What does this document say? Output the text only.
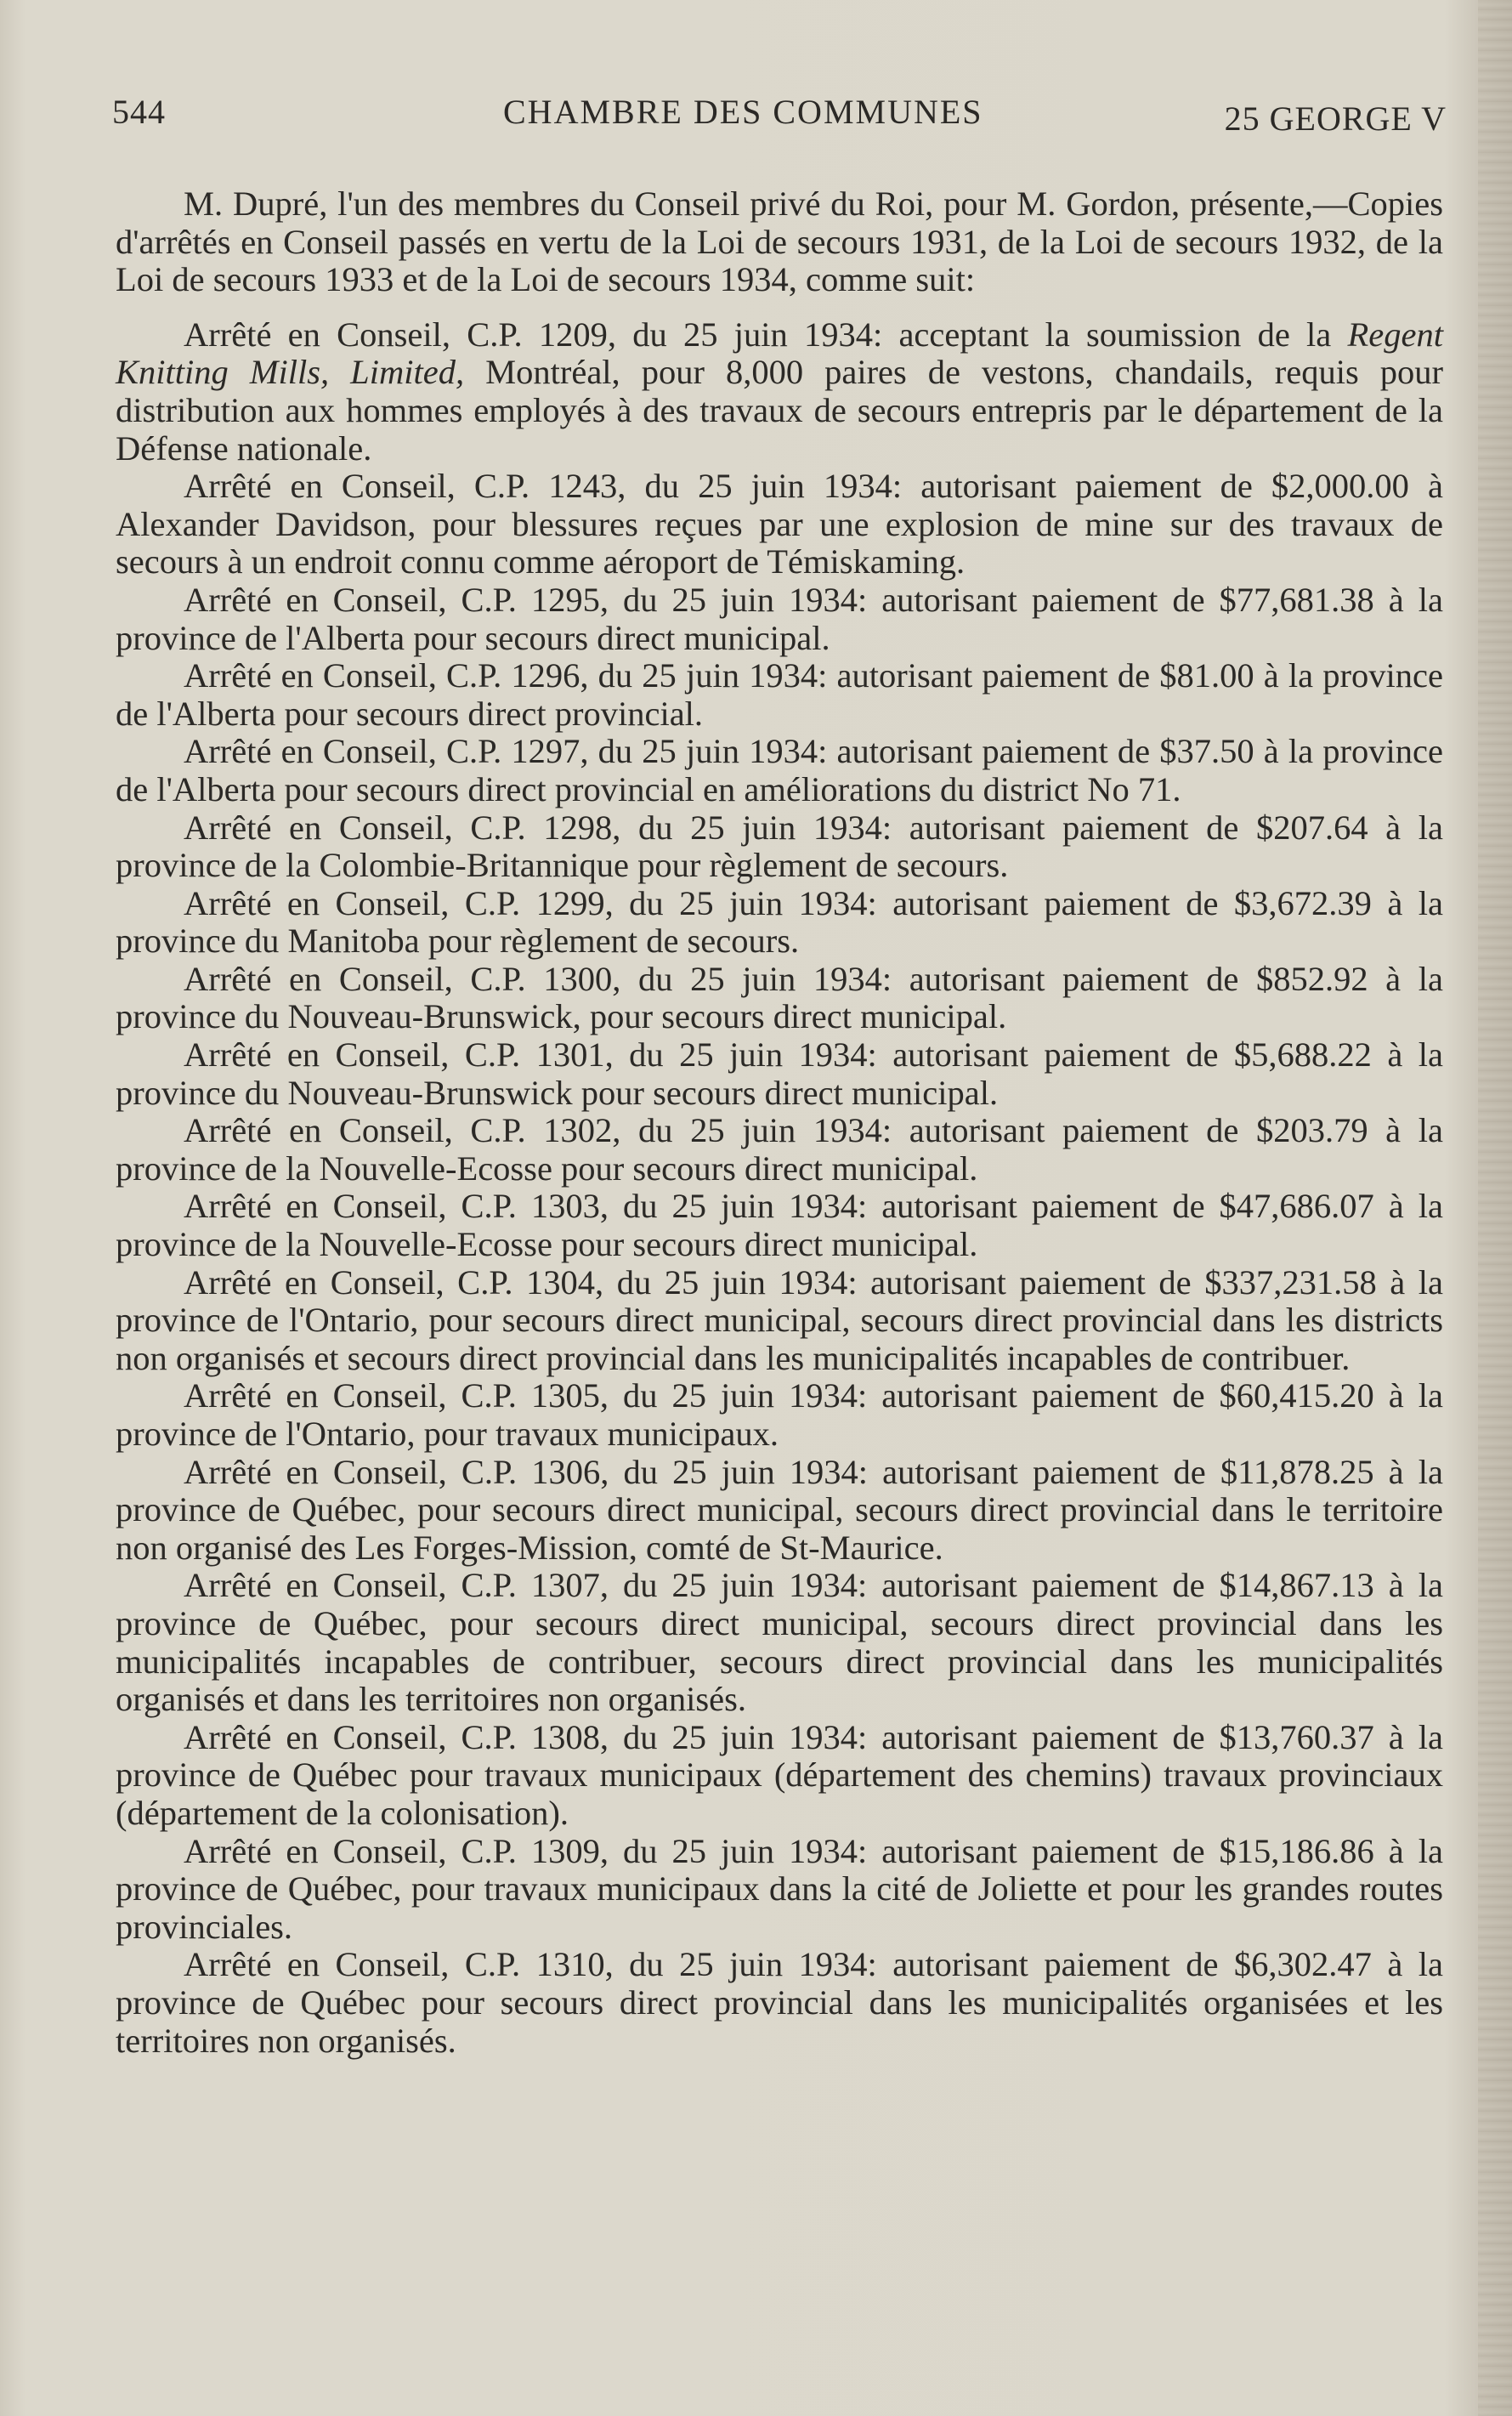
544	CHAMBRE DES COMMUNES	25 GEORGE V

M. Dupré, l'un des membres du Conseil privé du Roi, pour M. Gordon, présente,—Copies d'arrêtés en Conseil passés en vertu de la Loi de secours 1931, de la Loi de secours 1932, de la Loi de secours 1933 et de la Loi de secours 1934, comme suit:

Arrêté en Conseil, C.P. 1209, du 25 juin 1934: acceptant la soumission de la Regent Knitting Mills, Limited, Montréal, pour 8,000 paires de vestons, chandails, requis pour distribution aux hommes employés à des travaux de secours entrepris par le département de la Défense nationale.

Arrêté en Conseil, C.P. 1243, du 25 juin 1934: autorisant paiement de $2,000.00 à Alexander Davidson, pour blessures reçues par une explosion de mine sur des travaux de secours à un endroit connu comme aéroport de Témiskaming.

Arrêté en Conseil, C.P. 1295, du 25 juin 1934: autorisant paiement de $77,681.38 à la province de l'Alberta pour secours direct municipal.

Arrêté en Conseil, C.P. 1296, du 25 juin 1934: autorisant paiement de $81.00 à la province de l'Alberta pour secours direct provincial.

Arrêté en Conseil, C.P. 1297, du 25 juin 1934: autorisant paiement de $37.50 à la province de l'Alberta pour secours direct provincial en améliorations du district No 71.

Arrêté en Conseil, C.P. 1298, du 25 juin 1934: autorisant paiement de $207.64 à la province de la Colombie-Britannique pour règlement de secours.

Arrêté en Conseil, C.P. 1299, du 25 juin 1934: autorisant paiement de $3,672.39 à la province du Manitoba pour règlement de secours.

Arrêté en Conseil, C.P. 1300, du 25 juin 1934: autorisant paiement de $852.92 à la province du Nouveau-Brunswick, pour secours direct municipal.

Arrêté en Conseil, C.P. 1301, du 25 juin 1934: autorisant paiement de $5,688.22 à la province du Nouveau-Brunswick pour secours direct municipal.

Arrêté en Conseil, C.P. 1302, du 25 juin 1934: autorisant paiement de $203.79 à la province de la Nouvelle-Ecosse pour secours direct municipal.

Arrêté en Conseil, C.P. 1303, du 25 juin 1934: autorisant paiement de $47,686.07 à la province de la Nouvelle-Ecosse pour secours direct municipal.

Arrêté en Conseil, C.P. 1304, du 25 juin 1934: autorisant paiement de $337,231.58 à la province de l'Ontario, pour secours direct municipal, secours direct provincial dans les districts non organisés et secours direct provincial dans les municipalités incapables de contribuer.

Arrêté en Conseil, C.P. 1305, du 25 juin 1934: autorisant paiement de $60,415.20 à la province de l'Ontario, pour travaux municipaux.

Arrêté en Conseil, C.P. 1306, du 25 juin 1934: autorisant paiement de $11,878.25 à la province de Québec, pour secours direct municipal, secours direct provincial dans le territoire non organisé des Les Forges-Mission, comté de St-Maurice.

Arrêté en Conseil, C.P. 1307, du 25 juin 1934: autorisant paiement de $14,867.13 à la province de Québec, pour secours direct municipal, secours direct provincial dans les municipalités incapables de contribuer, secours direct provincial dans les municipalités organisés et dans les territoires non organisés.

Arrêté en Conseil, C.P. 1308, du 25 juin 1934: autorisant paiement de $13,760.37 à la province de Québec pour travaux municipaux (département des chemins) travaux provinciaux (département de la colonisation).

Arrêté en Conseil, C.P. 1309, du 25 juin 1934: autorisant paiement de $15,186.86 à la province de Québec, pour travaux municipaux dans la cité de Joliette et pour les grandes routes provinciales.

Arrêté en Conseil, C.P. 1310, du 25 juin 1934: autorisant paiement de $6,302.47 à la province de Québec pour secours direct provincial dans les municipalités organisées et les territoires non organisés.
